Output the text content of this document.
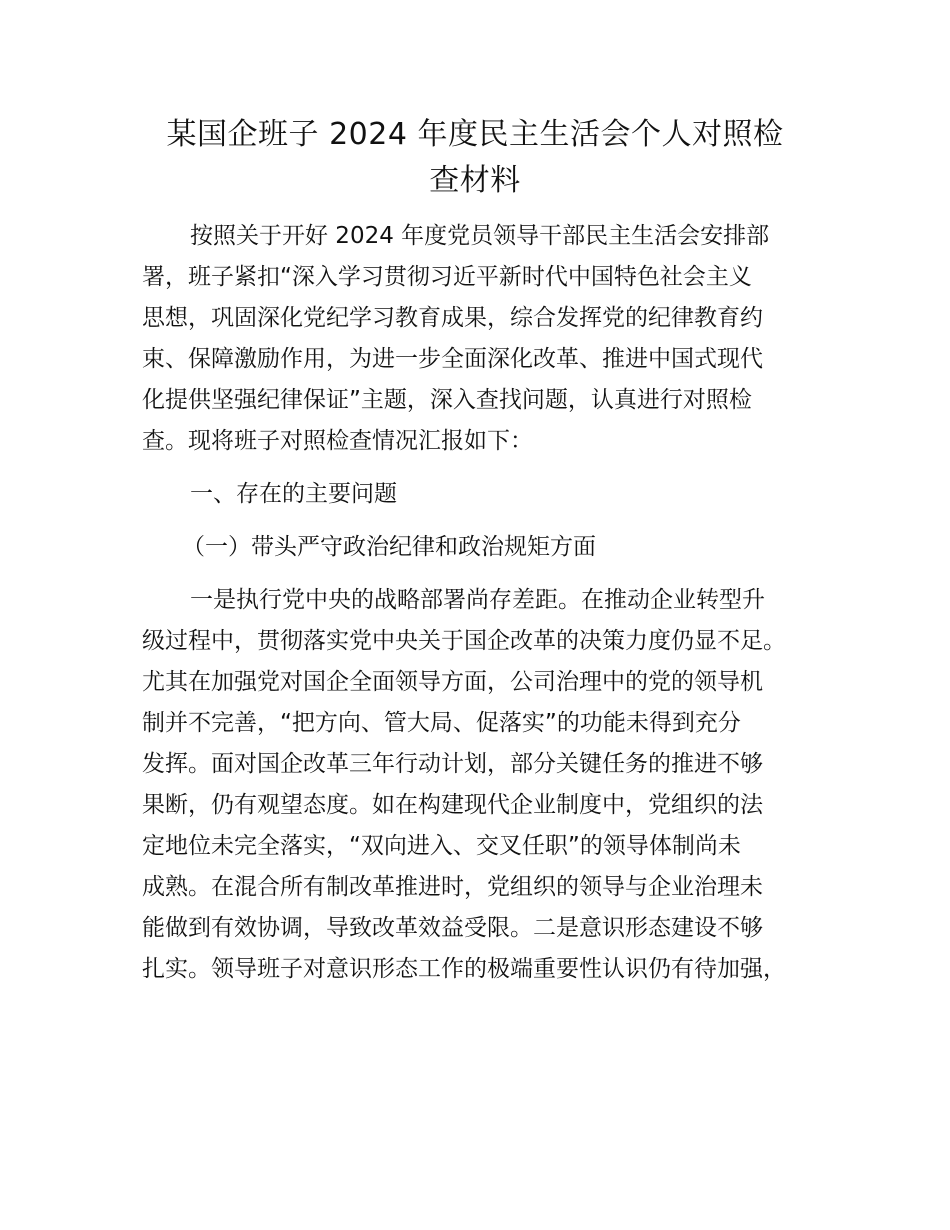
某国企班子 2024 年度民主生活会个人对照检

查材料

按照关于开好 2024 年度党员领导干部民主生活会安排部

署，班子紧扣“深入学习贯彻习近平新时代中国特色社会主义

思想，巩固深化党纪学习教育成果，综合发挥党的纪律教育约

束、保障激励作用，为进一步全面深化改革、推进中国式现代

化提供坚强纪律保证”主题，深入查找问题，认真进行对照检

查。现将班子对照检查情况汇报如下：

一、存在的主要问题

（一）带头严守政治纪律和政治规矩方面

一是执行党中央的战略部署尚存差距。在推动企业转型升

级过程中，贯彻落实党中央关于国企改革的决策力度仍显不足。

尤其在加强党对国企全面领导方面，公司治理中的党的领导机

制并不完善，“把方向、管大局、促落实”的功能未得到充分

发挥。面对国企改革三年行动计划，部分关键任务的推进不够

果断，仍有观望态度。如在构建现代企业制度中，党组织的法

定地位未完全落实，“双向进入、交叉任职”的领导体制尚未

成熟。在混合所有制改革推进时，党组织的领导与企业治理未

能做到有效协调，导致改革效益受限。二是意识形态建设不够

扎实。领导班子对意识形态工作的极端重要性认识仍有待加强，
